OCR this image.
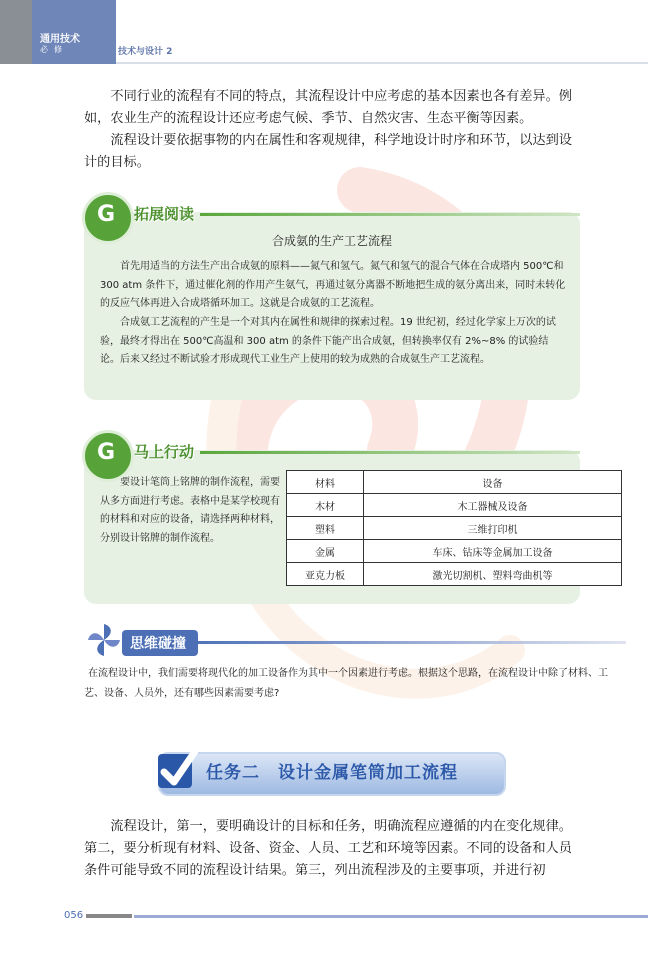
通用技术
必修	技术与设计 2
不同行业的流程有不同的特点，其流程设计中应考虑的基本因素也各有差异。例如，农业生产的流程设计还应考虑气候、季节、自然灾害、生态平衡等因素。
流程设计要依据事物的内在属性和客观规律，科学地设计时序和环节，以达到设计的目标。
合成氨的生产工艺流程
首先用适当的方法生产出合成氨的原料——氮气和氢气。氮气和氢气的混合气体在合成塔内 500℃和 300 atm 条件下，通过催化剂的作用产生氨气，再通过氨分离器不断地把生成的氨分离出来，同时未转化的反应气体再进入合成塔循环加工。这就是合成氨的工艺流程。
合成氨工艺流程的产生是一个对其内在属性和规律的探索过程。19 世纪初，经过化学家上万次的试验，最终才得出在 500℃高温和 300 atm 的条件下能产出合成氨，但转换率仅有 2%~8% 的试验结论。后来又经过不断试验才形成现代工业生产上使用的较为成熟的合成氨生产工艺流程。
G 拓展阅读
要设计笔筒上铭牌的制作流程，需要从多方面进行考虑。表格中是某学校现有的材料和对应的设备，请选择两种材料，分别设计铭牌的制作流程。
G 马上行动
材料	设备
木材	木工器械及设备
塑料	三维打印机
金属	车床、钻床等金属加工设备
亚克力板	激光切割机、塑料弯曲机等
思维碰撞
在流程设计中，我们需要将现代化的加工设备作为其中一个因素进行考虑。根据这个思路，在流程设计中除了材料、工艺、设备、人员外，还有哪些因素需要考虑?
任务二　设计金属笔筒加工流程
流程设计，第一，要明确设计的目标和任务，明确流程应遵循的内在变化规律。第二，要分析现有材料、设备、资金、人员、工艺和环境等因素。不同的设备和人员条件可能导致不同的流程设计结果。第三，列出流程涉及的主要事项，并进行初
056
